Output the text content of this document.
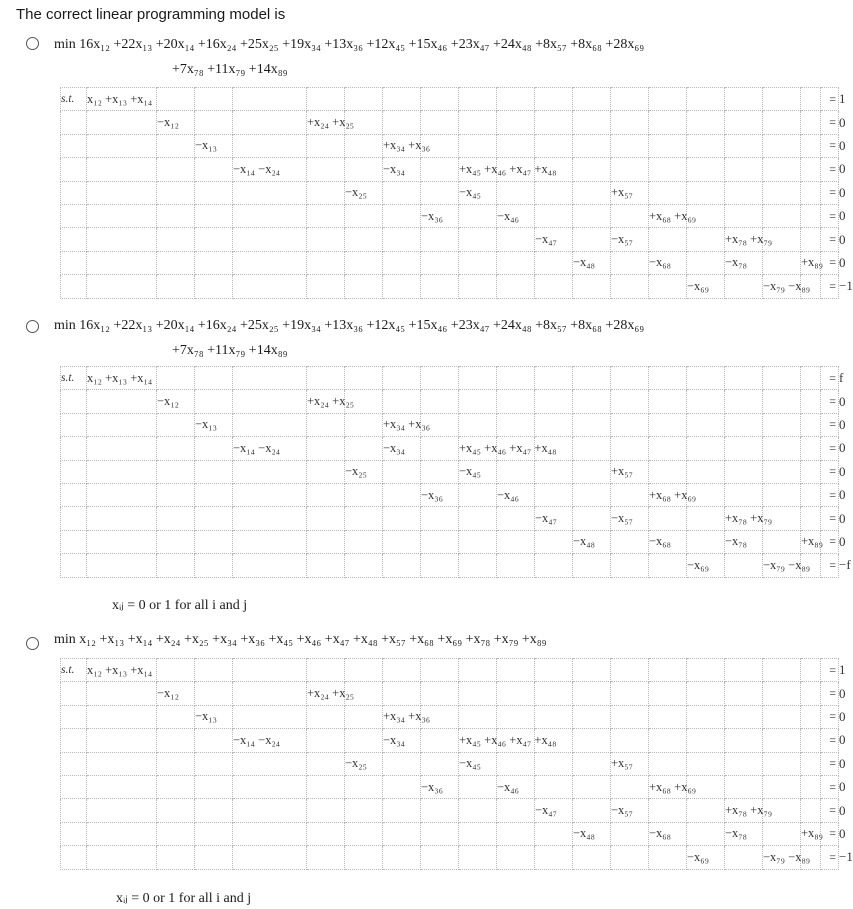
The correct linear programming model is
min 16x₁₂ +22x₁₃ +20x₁₄ +16x₂₄ +25x₂₅ +19x₃₄ +13x₃₆ +12x₄₅ +15x₄₆ +23x₄₇ +24x₄₈ +8x₅₇ +8x₆₈ +28x₆₉
+7x₇₈ +11x₇₉ +14x₈₉
s.t.	x₁₂ +x₁₃ +x₁₄																		=	1
		−x₁₂			+x₂₄ +x₂₅														=	0
			−x₁₃				+x₃₄ +x₃₆												=	0
				−x₁₄ −x₂₄			−x₃₄		+x₄₅ +x₄₆ +x₄₇ +x₄₈										=	0
						−x₂₅			−x₄₅				+x₅₇						=	0
								−x₃₆		−x₄₆				+x₆₈ +x₆₉					=	0
											−x₄₇		−x₅₇			+x₇₈ +x₇₉			=	0
												−x₄₈		−x₆₈		−x₇₈		+x₈₉	=	0
															−x₆₉		−x₇₉ −x₈₉		=	−1
min 16x₁₂ +22x₁₃ +20x₁₄ +16x₂₄ +25x₂₅ +19x₃₄ +13x₃₆ +12x₄₅ +15x₄₆ +23x₄₇ +24x₄₈ +8x₅₇ +8x₆₈ +28x₆₉
+7x₇₈ +11x₇₉ +14x₈₉
s.t.	x₁₂ +x₁₃ +x₁₄																		=	f
		−x₁₂			+x₂₄ +x₂₅														=	0
			−x₁₃				+x₃₄ +x₃₆												=	0
				−x₁₄ −x₂₄			−x₃₄		+x₄₅ +x₄₆ +x₄₇ +x₄₈										=	0
						−x₂₅			−x₄₅				+x₅₇						=	0
								−x₃₆		−x₄₆				+x₆₈ +x₆₉					=	0
											−x₄₇		−x₅₇			+x₇₈ +x₇₉			=	0
												−x₄₈		−x₆₈		−x₇₈		+x₈₉	=	0
															−x₆₉		−x₇₉ −x₈₉		=	−f
xᵢⱼ = 0 or 1 for all i and j
min x₁₂ +x₁₃ +x₁₄ +x₂₄ +x₂₅ +x₃₄ +x₃₆ +x₄₅ +x₄₆ +x₄₇ +x₄₈ +x₅₇ +x₆₈ +x₆₉ +x₇₈ +x₇₉ +x₈₉
s.t.	x₁₂ +x₁₃ +x₁₄																		=	1
		−x₁₂			+x₂₄ +x₂₅														=	0
			−x₁₃				+x₃₄ +x₃₆												=	0
				−x₁₄ −x₂₄			−x₃₄		+x₄₅ +x₄₆ +x₄₇ +x₄₈										=	0
						−x₂₅			−x₄₅				+x₅₇						=	0
								−x₃₆		−x₄₆				+x₆₈ +x₆₉					=	0
											−x₄₇		−x₅₇			+x₇₈ +x₇₉			=	0
												−x₄₈		−x₆₈		−x₇₈		+x₈₉	=	0
															−x₆₉		−x₇₉ −x₈₉		=	−1
xᵢⱼ = 0 or 1 for all i and j
